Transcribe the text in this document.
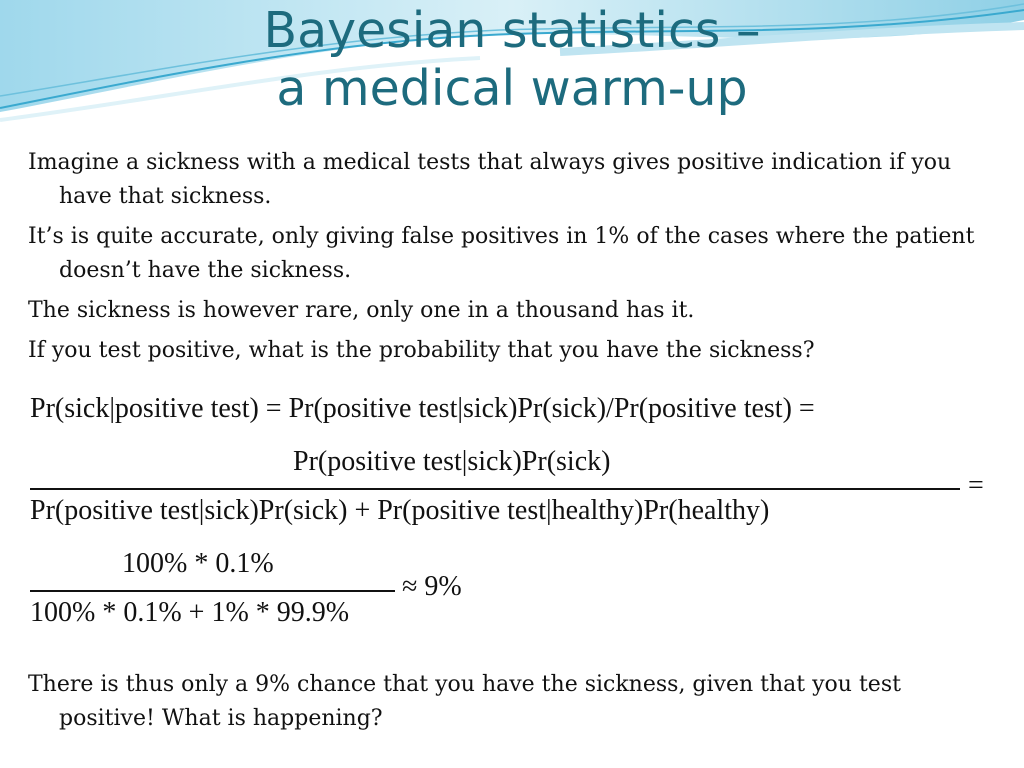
Bayesian statistics –
a medical warm-up
Imagine a sickness with a medical tests that always gives positive indication if you have that sickness.
It’s is quite accurate, only giving false positives in 1% of the cases where the patient doesn’t have the sickness.
The sickness is however rare, only one in a thousand has it.
If you test positive, what is the probability that you have the sickness?
Pr(sick|positive test) = Pr(positive test|sick)Pr(sick)/Pr(positive test) =
Pr(positive test|sick)Pr(sick)
Pr(positive test|sick)Pr(sick) + Pr(positive test|healthy)Pr(healthy)
=
100% * 0.1%
100% * 0.1% + 1% * 99.9%
≈ 9%
There is thus only a 9% chance that you have the sickness, given that you test positive! What is happening?
